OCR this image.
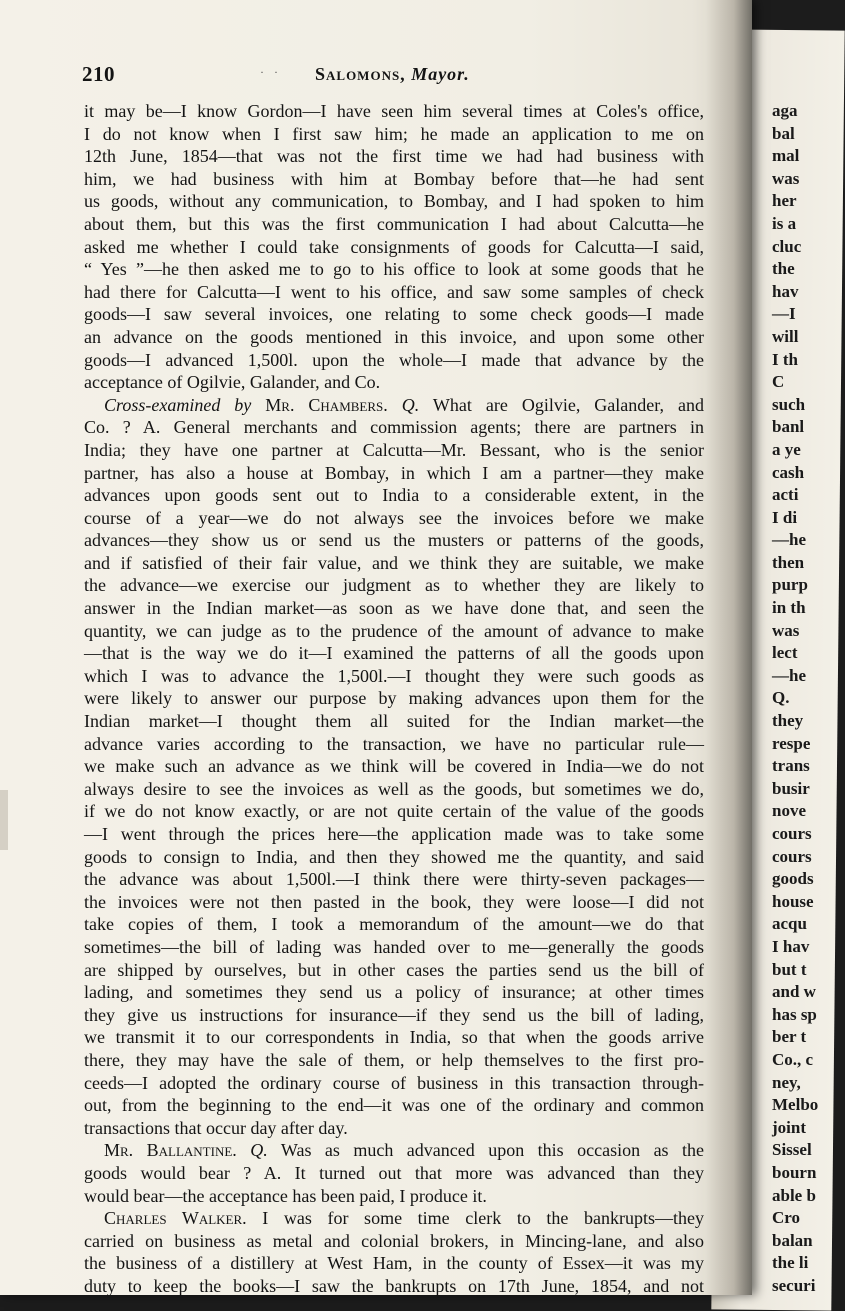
aga
bal
mal
was
her
is a
cluc
the
hav
—I
will
I th
C
such
banl
a ye
cash
acti
I di
—he
then
purp
in th
was
lect
—he
Q.
they
respe
trans
busir
nove
cours
cours
goods
house
acqu
I hav
but t
and w
has sp
ber t
Co., c
ney,
Melbo
joint
Sissel
bourn
able b
Cro
balan
the li
securi
210	· · Salomons, Mayor.
it may be—I know Gordon—I have seen him several times at Coles's office,
I do not know when I first saw him; he made an application to me on
12th June, 1854—that was not the first time we had had business with
him, we had business with him at Bombay before that—he had sent
us goods, without any communication, to Bombay, and I had spoken to him
about them, but this was the first communication I had about Calcutta—he
asked me whether I could take consignments of goods for Calcutta—I said,
“ Yes ”—he then asked me to go to his office to look at some goods that he
had there for Calcutta—I went to his office, and saw some samples of check
goods—I saw several invoices, one relating to some check goods—I made
an advance on the goods mentioned in this invoice, and upon some other
goods—I advanced 1,500l. upon the whole—I made that advance by the
acceptance of Ogilvie, Galander, and Co.
Cross-examined by Mr. Chambers. Q. What are Ogilvie, Galander, and
Co. ? A. General merchants and commission agents; there are partners in
India; they have one partner at Calcutta—Mr. Bessant, who is the senior
partner, has also a house at Bombay, in which I am a partner—they make
advances upon goods sent out to India to a considerable extent, in the
course of a year—we do not always see the invoices before we make
advances—they show us or send us the musters or patterns of the goods,
and if satisfied of their fair value, and we think they are suitable, we make
the advance—we exercise our judgment as to whether they are likely to
answer in the Indian market—as soon as we have done that, and seen the
quantity, we can judge as to the prudence of the amount of advance to make
—that is the way we do it—I examined the patterns of all the goods upon
which I was to advance the 1,500l.—I thought they were such goods as
were likely to answer our purpose by making advances upon them for the
Indian market—I thought them all suited for the Indian market—the
advance varies according to the transaction, we have no particular rule—
we make such an advance as we think will be covered in India—we do not
always desire to see the invoices as well as the goods, but sometimes we do,
if we do not know exactly, or are not quite certain of the value of the goods
—I went through the prices here—the application made was to take some
goods to consign to India, and then they showed me the quantity, and said
the advance was about 1,500l.—I think there were thirty-seven packages—
the invoices were not then pasted in the book, they were loose—I did not
take copies of them, I took a memorandum of the amount—we do that
sometimes—the bill of lading was handed over to me—generally the goods
are shipped by ourselves, but in other cases the parties send us the bill of
lading, and sometimes they send us a policy of insurance; at other times
they give us instructions for insurance—if they send us the bill of lading,
we transmit it to our correspondents in India, so that when the goods arrive
there, they may have the sale of them, or help themselves to the first pro-
ceeds—I adopted the ordinary course of business in this transaction through-
out, from the beginning to the end—it was one of the ordinary and common
transactions that occur day after day.
Mr. Ballantine. Q. Was as much advanced upon this occasion as the
goods would bear ? A. It turned out that more was advanced than they
would bear—the acceptance has been paid, I produce it.
Charles Walker. I was for some time clerk to the bankrupts—they
carried on business as metal and colonial brokers, in Mincing-lane, and also
the business of a distillery at West Ham, in the county of Essex—it was my
duty to keep the books—I saw the bankrupts on 17th June, 1854, and not
